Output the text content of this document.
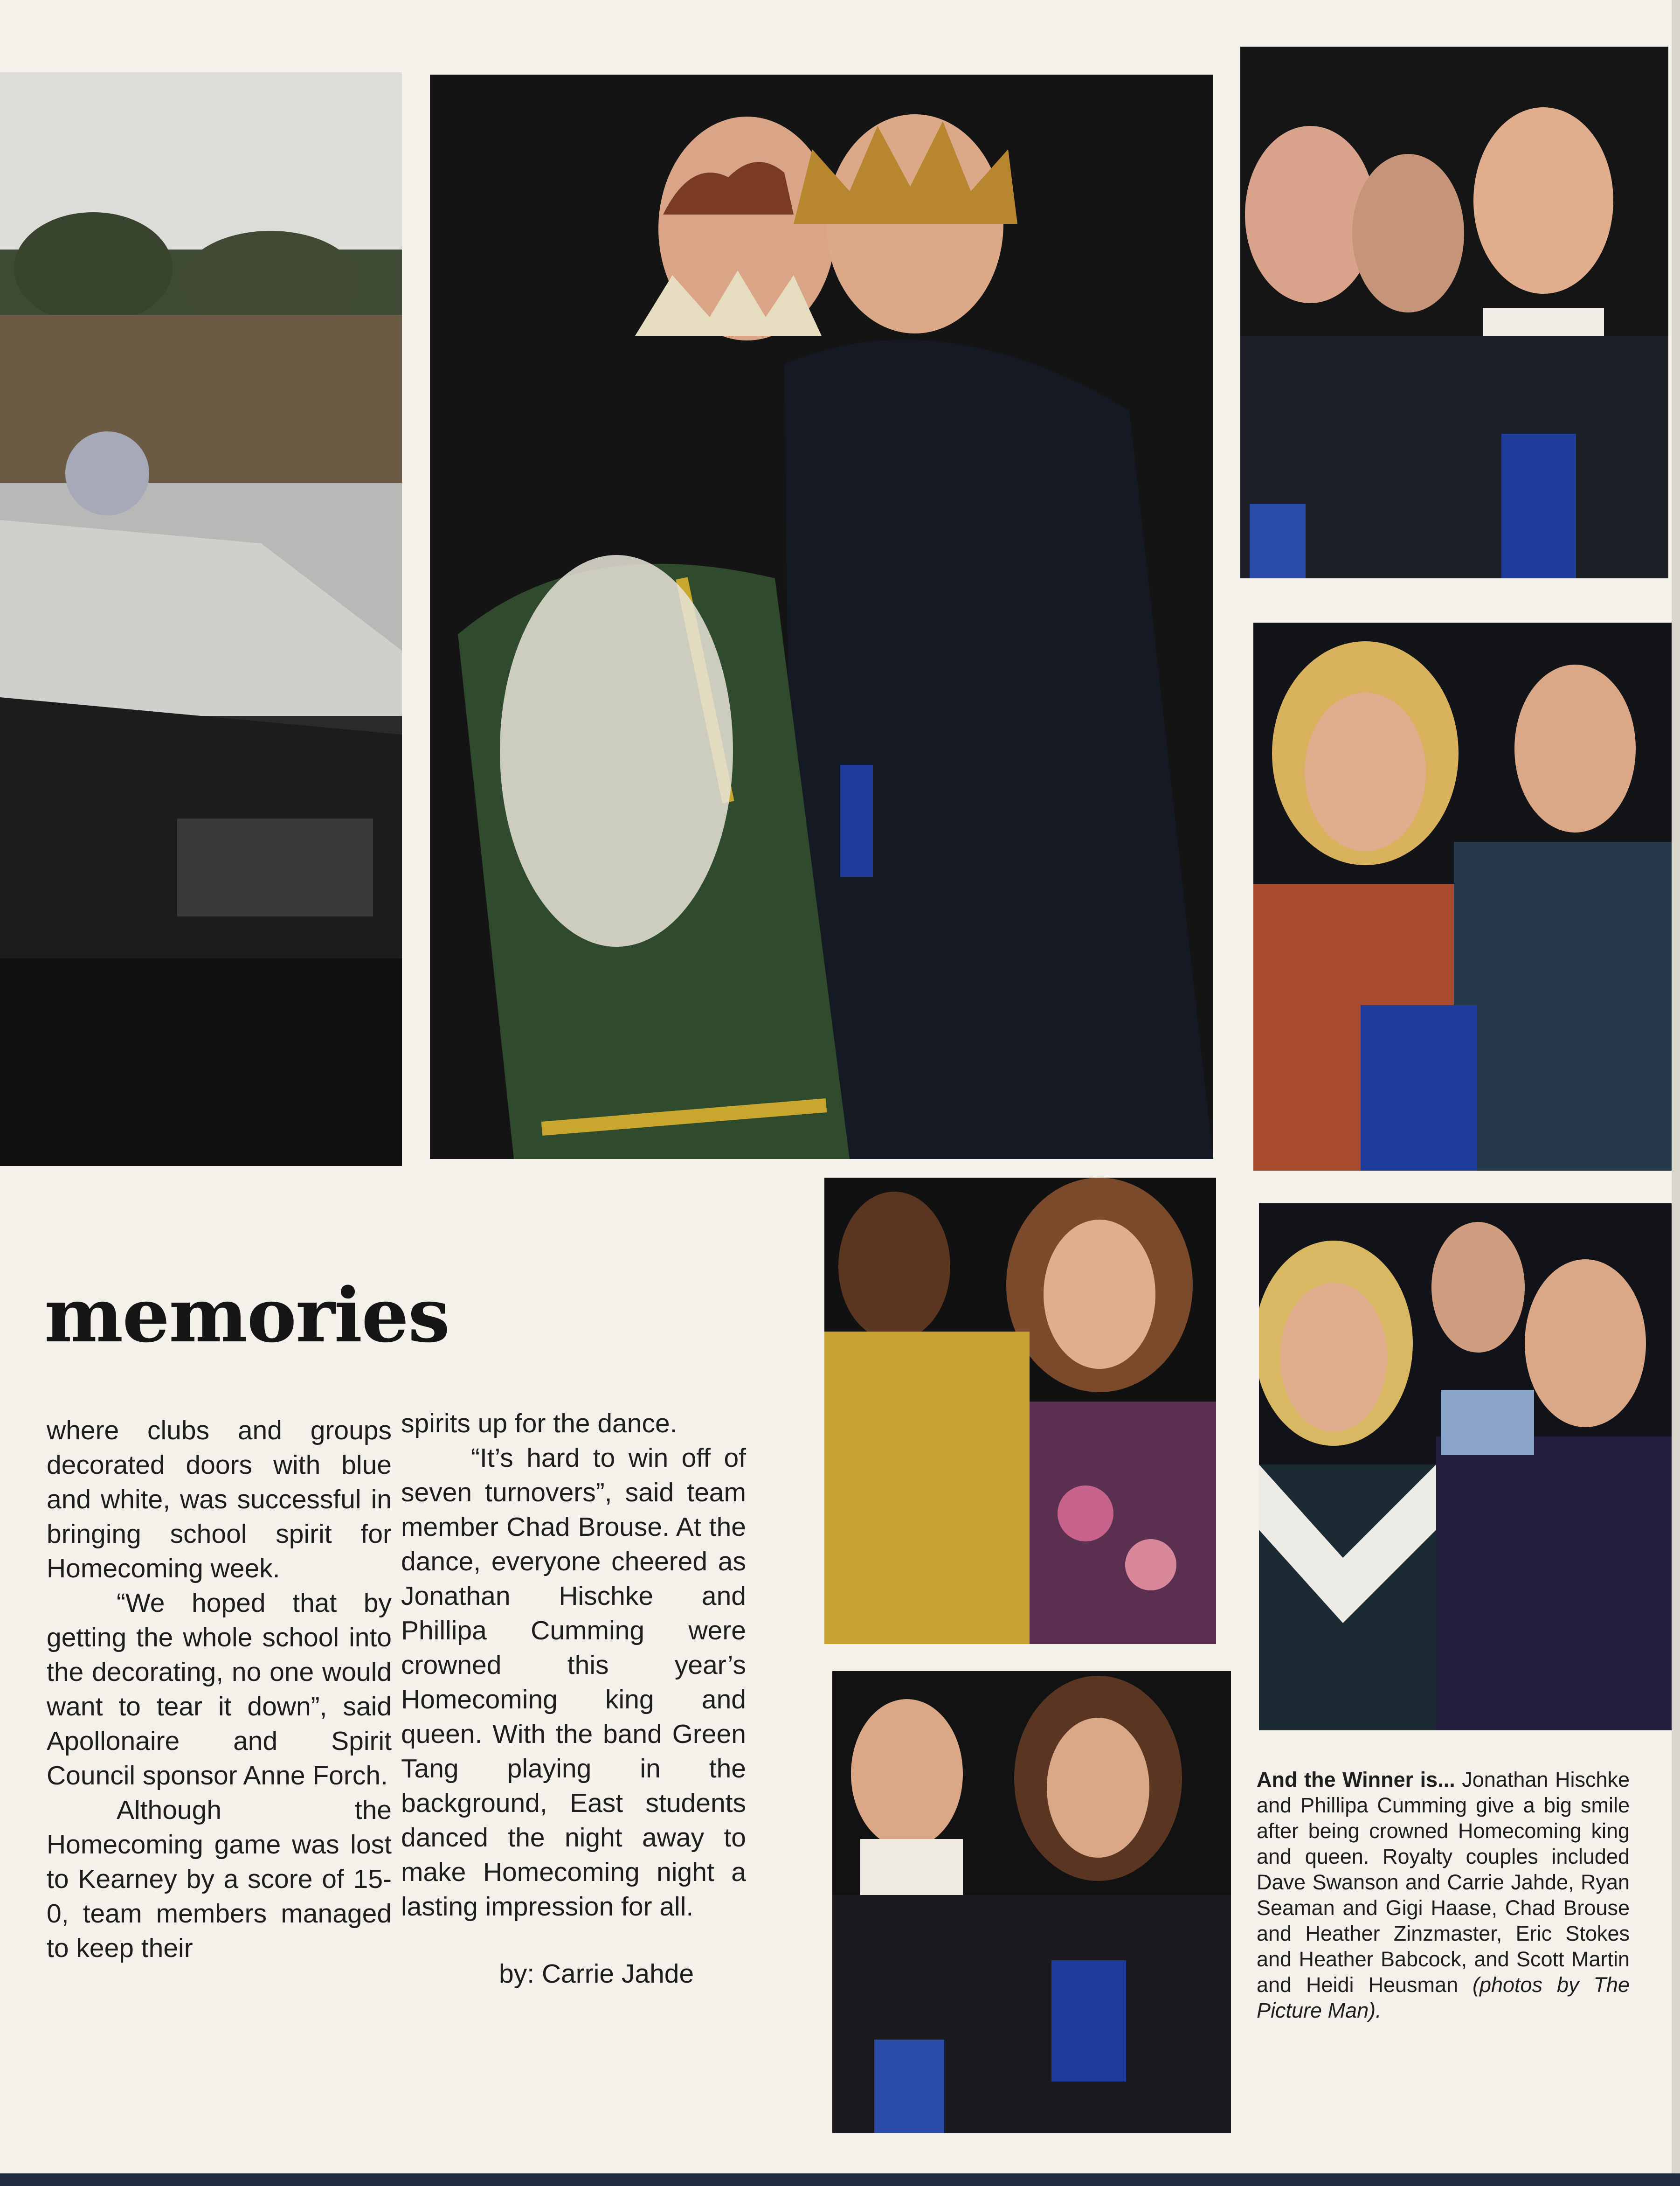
memories

where clubs and groups decorated doors with blue and white, was successful in bringing school spirit for Homecoming week.

“We hoped that by getting the whole school into the decorating, no one would want to tear it down”, said Apollonaire and Spirit Council sponsor Anne Forch.

Although the Homecoming game was lost to Kearney by a score of 15-0, team members managed to keep their

spirits up for the dance.

“It’s hard to win off of seven turnovers”, said team member Chad Brouse. At the dance, everyone cheered as Jonathan Hischke and Phillipa Cumming were crowned this year’s Homecoming king and queen. With the band Green Tang playing in the background, East students danced the night away to make Homecoming night a lasting impression for all.

by: Carrie Jahde

And the Winner is... Jonathan Hischke and Phillipa Cumming give a big smile after being crowned Homecoming king and queen. Royalty couples included Dave Swanson and Carrie Jahde, Ryan Seaman and Gigi Haase, Chad Brouse and Heather Zinzmaster, Eric Stokes and Heather Babcock, and Scott Martin and Heidi Heusman (photos by The Picture Man).
